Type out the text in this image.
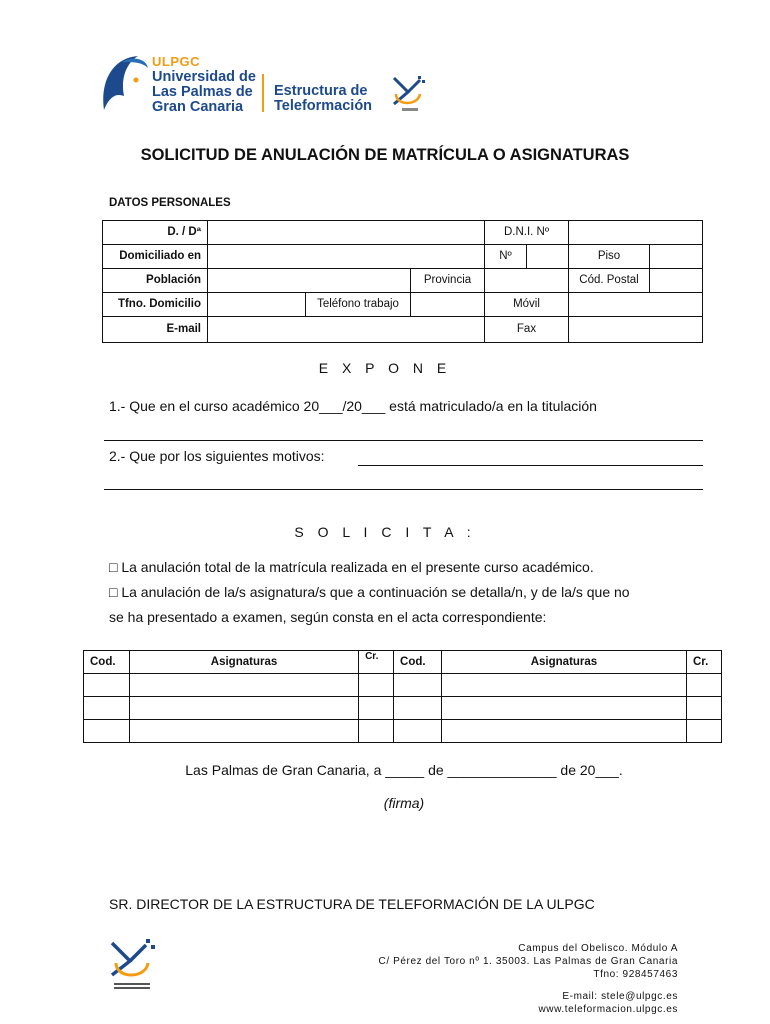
ULPGC
Universidad de
Las Palmas de
Gran Canaria
Estructura de
Teleformación
SOLICITUD DE ANULACIÓN DE MATRÍCULA O ASIGNATURAS
DATOS PERSONALES
D. / Dª	D.N.I. Nº
Domiciliado en	Nº	Piso
Población	Provincia	Cód. Postal
Tfno. Domicilio	Teléfono trabajo	Móvil
E-mail	Fax
E X P O N E
1.- Que en el curso académico 20___/20___ está matriculado/a en la titulación
2.- Que por los siguientes motivos:
S O L I C I T A :
□ La anulación total de la matrícula realizada en el presente curso académico.
□ La anulación de la/s asignatura/s que a continuación se detalla/n, y de la/s que no
se ha presentado a examen, según consta en el acta correspondiente:
Cod.	Asignaturas	Cr.	Cod.	Asignaturas	Cr.

Las Palmas de Gran Canaria, a _____ de ______________ de 20___.
(firma)
SR. DIRECTOR DE LA ESTRUCTURA DE TELEFORMACIÓN DE LA ULPGC
Campus del Obelisco. Módulo A
C/ Pérez del Toro nº 1. 35003. Las Palmas de Gran Canaria
Tfno: 928457463
E-mail: stele@ulpgc.es
www.teleformacion.ulpgc.es
